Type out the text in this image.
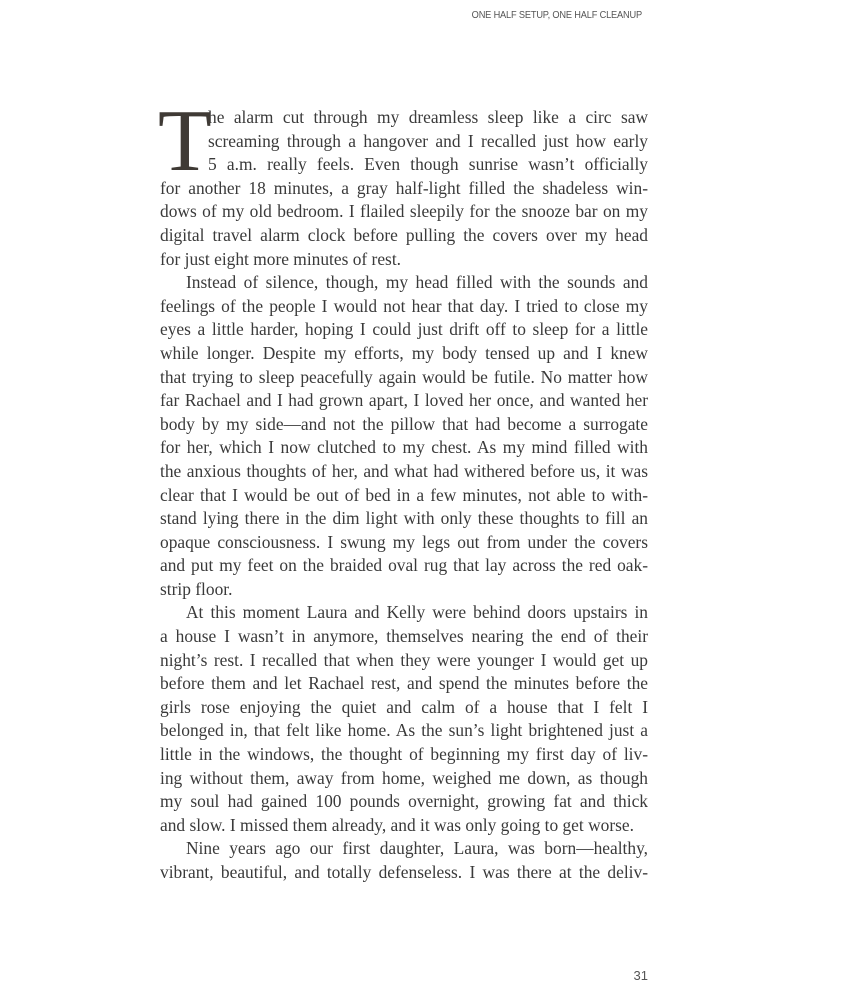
ONE HALF SETUP, ONE HALF CLEANUP
T
he alarm cut through my dreamless sleep like a circ saw
screaming through a hangover and I recalled just how early
5 a.m. really feels. Even though sunrise wasn’t officially
for another 18 minutes, a gray half-light filled the shadeless win-
dows of my old bedroom. I flailed sleepily for the snooze bar on my
digital travel alarm clock before pulling the covers over my head
for just eight more minutes of rest.
Instead of silence, though, my head filled with the sounds and
feelings of the people I would not hear that day. I tried to close my
eyes a little harder, hoping I could just drift off to sleep for a little
while longer. Despite my efforts, my body tensed up and I knew
that trying to sleep peacefully again would be futile. No matter how
far Rachael and I had grown apart, I loved her once, and wanted her
body by my side—and not the pillow that had become a surrogate
for her, which I now clutched to my chest. As my mind filled with
the anxious thoughts of her, and what had withered before us, it was
clear that I would be out of bed in a few minutes, not able to with-
stand lying there in the dim light with only these thoughts to fill an
opaque consciousness. I swung my legs out from under the covers
and put my feet on the braided oval rug that lay across the red oak-
strip floor.
At this moment Laura and Kelly were behind doors upstairs in
a house I wasn’t in anymore, themselves nearing the end of their
night’s rest. I recalled that when they were younger I would get up
before them and let Rachael rest, and spend the minutes before the
girls rose enjoying the quiet and calm of a house that I felt I
belonged in, that felt like home. As the sun’s light brightened just a
little in the windows, the thought of beginning my first day of liv-
ing without them, away from home, weighed me down, as though
my soul had gained 100 pounds overnight, growing fat and thick
and slow. I missed them already, and it was only going to get worse.
Nine years ago our first daughter, Laura, was born—healthy,
vibrant, beautiful, and totally defenseless. I was there at the deliv-
31
